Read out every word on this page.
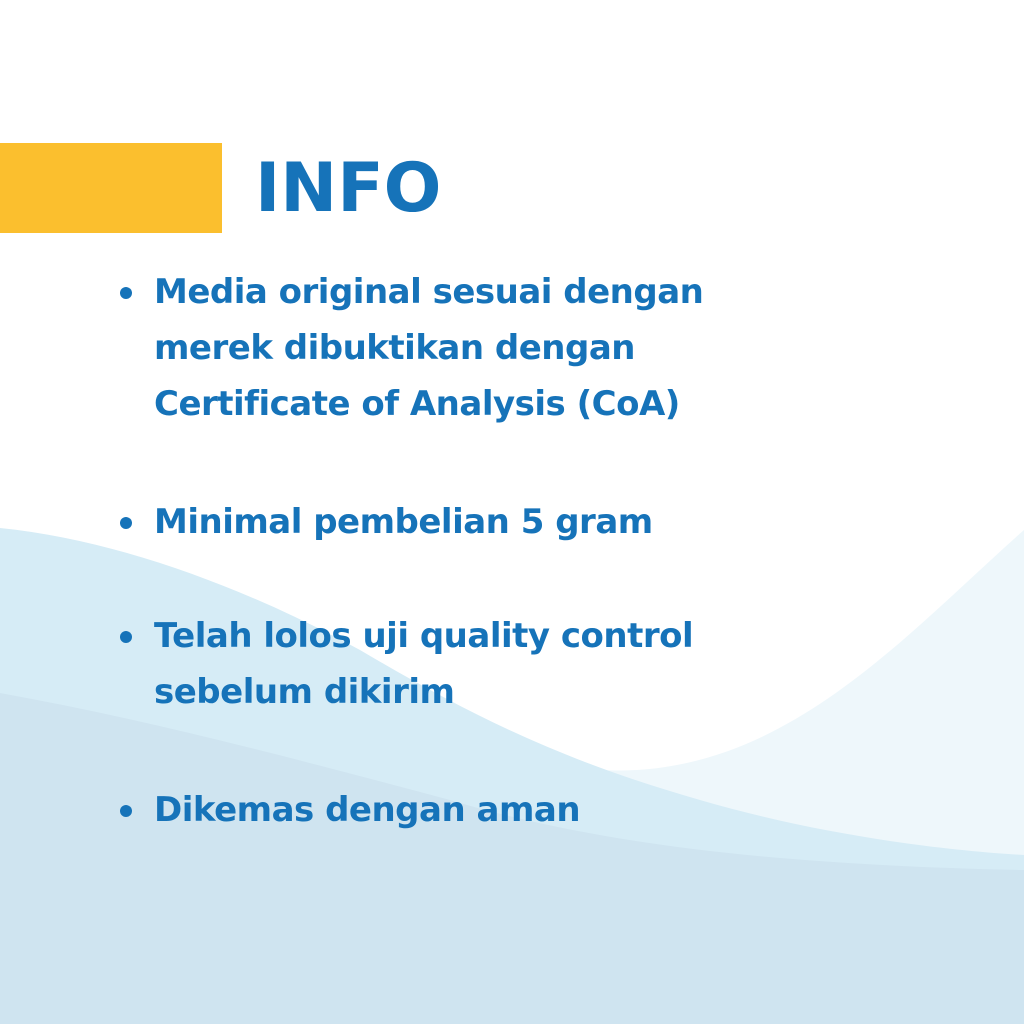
INFO
Media original sesuai dengan
merek dibuktikan dengan
Certificate of Analysis (CoA)
Minimal pembelian 5 gram
Telah lolos uji quality control
sebelum dikirim
Dikemas dengan aman
